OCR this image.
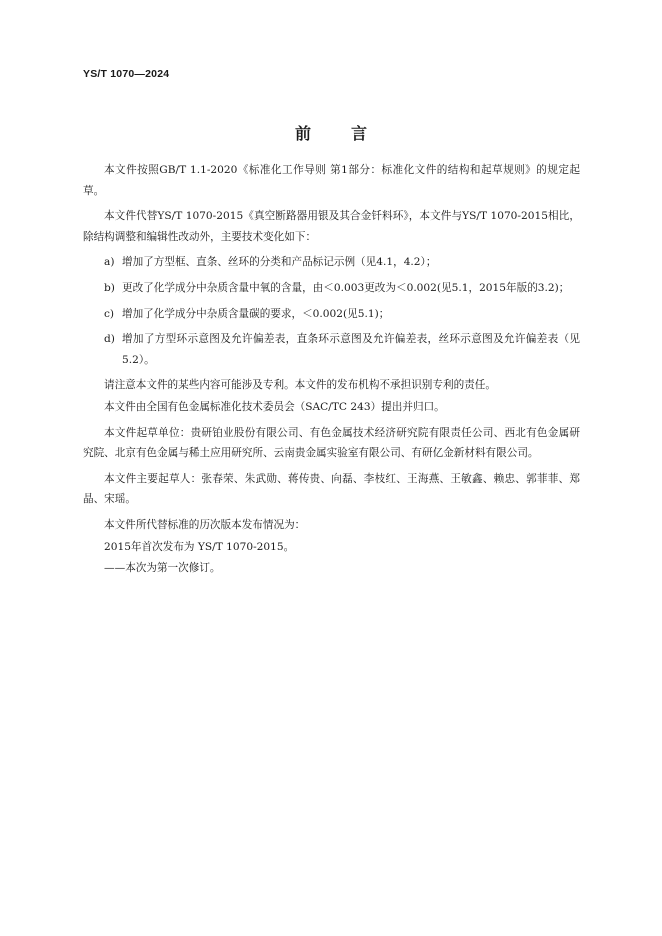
YS/T 1070—2024
前　言

本文件按照GB/T 1.1-2020《标准化工作导则 第1部分：标准化文件的结构和起草规则》的规定起草。

本文件代替YS/T 1070-2015《真空断路器用银及其合金钎料环》，本文件与YS/T 1070-2015相比，除结构调整和编辑性改动外，主要技术变化如下：

a) 增加了方型框、直条、丝环的分类和产品标记示例（见4.1，4.2）；
b) 更改了化学成分中杂质含量中氧的含量，由＜0.003更改为＜0.002(见5.1，2015年版的3.2)；
c) 增加了化学成分中杂质含量碳的要求，＜0.002(见5.1)；
d) 增加了方型环示意图及允许偏差表，直条环示意图及允许偏差表，丝环示意图及允许偏差表（见5.2）。

请注意本文件的某些内容可能涉及专利。本文件的发布机构不承担识别专利的责任。

本文件由全国有色金属标准化技术委员会（SAC/TC 243）提出并归口。

本文件起草单位：贵研铂业股份有限公司、有色金属技术经济研究院有限责任公司、西北有色金属研究院、北京有色金属与稀土应用研究所、云南贵金属实验室有限公司、有研亿金新材料有限公司。

本文件主要起草人：张春荣、朱武勋、蒋传贵、向磊、李枝红、王海燕、王敏鑫、赖忠、郭菲菲、郑晶、宋瑶。

本文件所代替标准的历次版本发布情况为：

2015年首次发布为 YS/T 1070-2015。

——本次为第一次修订。
